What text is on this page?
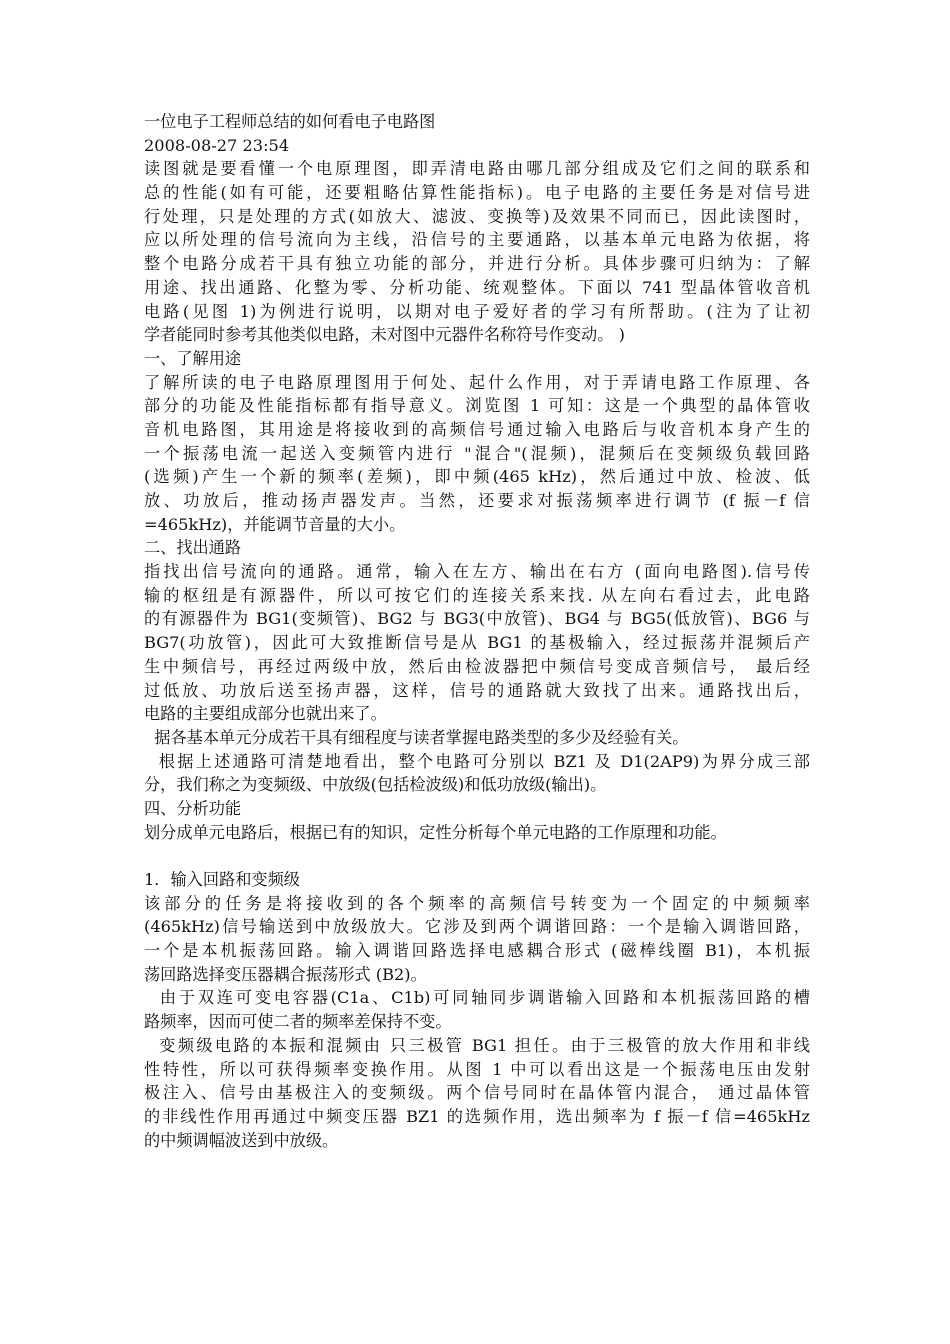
一位电子工程师总结的如何看电子电路图
2008-08-27 23:54
读图就是要看懂一个电原理图，即弄清电路由哪几部分组成及它们之间的联系和
总的性能(如有可能，还要粗略估算性能指标)。电子电路的主要任务是对信号进
行处理，只是处理的方式(如放大、滤波、变换等)及效果不同而已，因此读图时，
应以所处理的信号流向为主线，沿信号的主要通路，以基本单元电路为依据，将
整个电路分成若干具有独立功能的部分，并进行分析。具体步骤可归纳为：了解
用途、找出通路、化整为零、分析功能、统观整体。下面以 741 型晶体管收音机
电路(见图 1)为例进行说明，以期对电子爱好者的学习有所帮助。(注为了让初
学者能同时参考其他类似电路，未对图中元器件名称符号作变动。 )
一、了解用途
了解所读的电子电路原理图用于何处、起什么作用，对于弄请电路工作原理、各
部分的功能及性能指标都有指导意义。浏览图 1 可知：这是一个典型的晶体管收
音机电路图，其用途是将接收到的高频信号通过输入电路后与收音机本身产生的
一个振荡电流一起送入变频管内进行 "混合"(混频)，混频后在变频级负载回路
(选频)产生一个新的频率(差频)，即中频(465 kHz)，然后通过中放、检波、低
放、功放后，推动扬声器发声。当然，还要求对振荡频率进行调节 (f 振－f 信
=465kHz)，并能调节音量的大小。
二、找出通路
指找出信号流向的通路。通常，输入在左方、输出在右方 (面向电路图).信号传
输的枢纽是有源器件，所以可按它们的连接关系来找. 从左向右看过去，此电路
的有源器件为 BG1(变频管)、BG2 与 BG3(中放管)、BG4 与 BG5(低放管)、BG6 与
BG7(功放管)，因此可大致推断信号是从 BG1 的基极输入，经过振荡并混频后产
生中频信号，再经过两级中放，然后由检波器把中频信号变成音频信号， 最后经
过低放、功放后送至扬声器，这样，信号的通路就大致找了出来。通路找出后，
电路的主要组成部分也就出来了。
据各基本单元分成若干具有细程度与读者掌握电路类型的多少及经验有关。
根据上述通路可清楚地看出，整个电路可分别以 BZ1 及 D1(2AP9)为界分成三部
分，我们称之为变频级、中放级(包括检波级)和低功放级(输出)。
四、分析功能
划分成单元电路后，根据已有的知识，定性分析每个单元电路的工作原理和功能。
1．输入回路和变频级
该部分的任务是将接收到的各个频率的高频信号转变为一个固定的中频频率
(465kHz)信号输送到中放级放大。它涉及到两个调谐回路：一个是输入调谐回路，
一个是本机振荡回路。输入调谐回路选择电感耦合形式 (磁棒线圈 B1)，本机振
荡回路选择变压器耦合振荡形式 (B2)。
由于双连可变电容器(C1a、C1b)可同轴同步调谐输入回路和本机振荡回路的槽
路频率，因而可使二者的频率差保持不变。
变频级电路的本振和混频由 只三极管 BG1 担任。由于三极管的放大作用和非线
性特性，所以可获得频率变换作用。从图 1 中可以看出这是一个振荡电压由发射
极注入、信号由基极注入的变频级。两个信号同时在晶体管内混合， 通过晶体管
的非线性作用再通过中频变压器 BZ1 的选频作用，选出频率为 f 振－f 信=465kHz
的中频调幅波送到中放级。
